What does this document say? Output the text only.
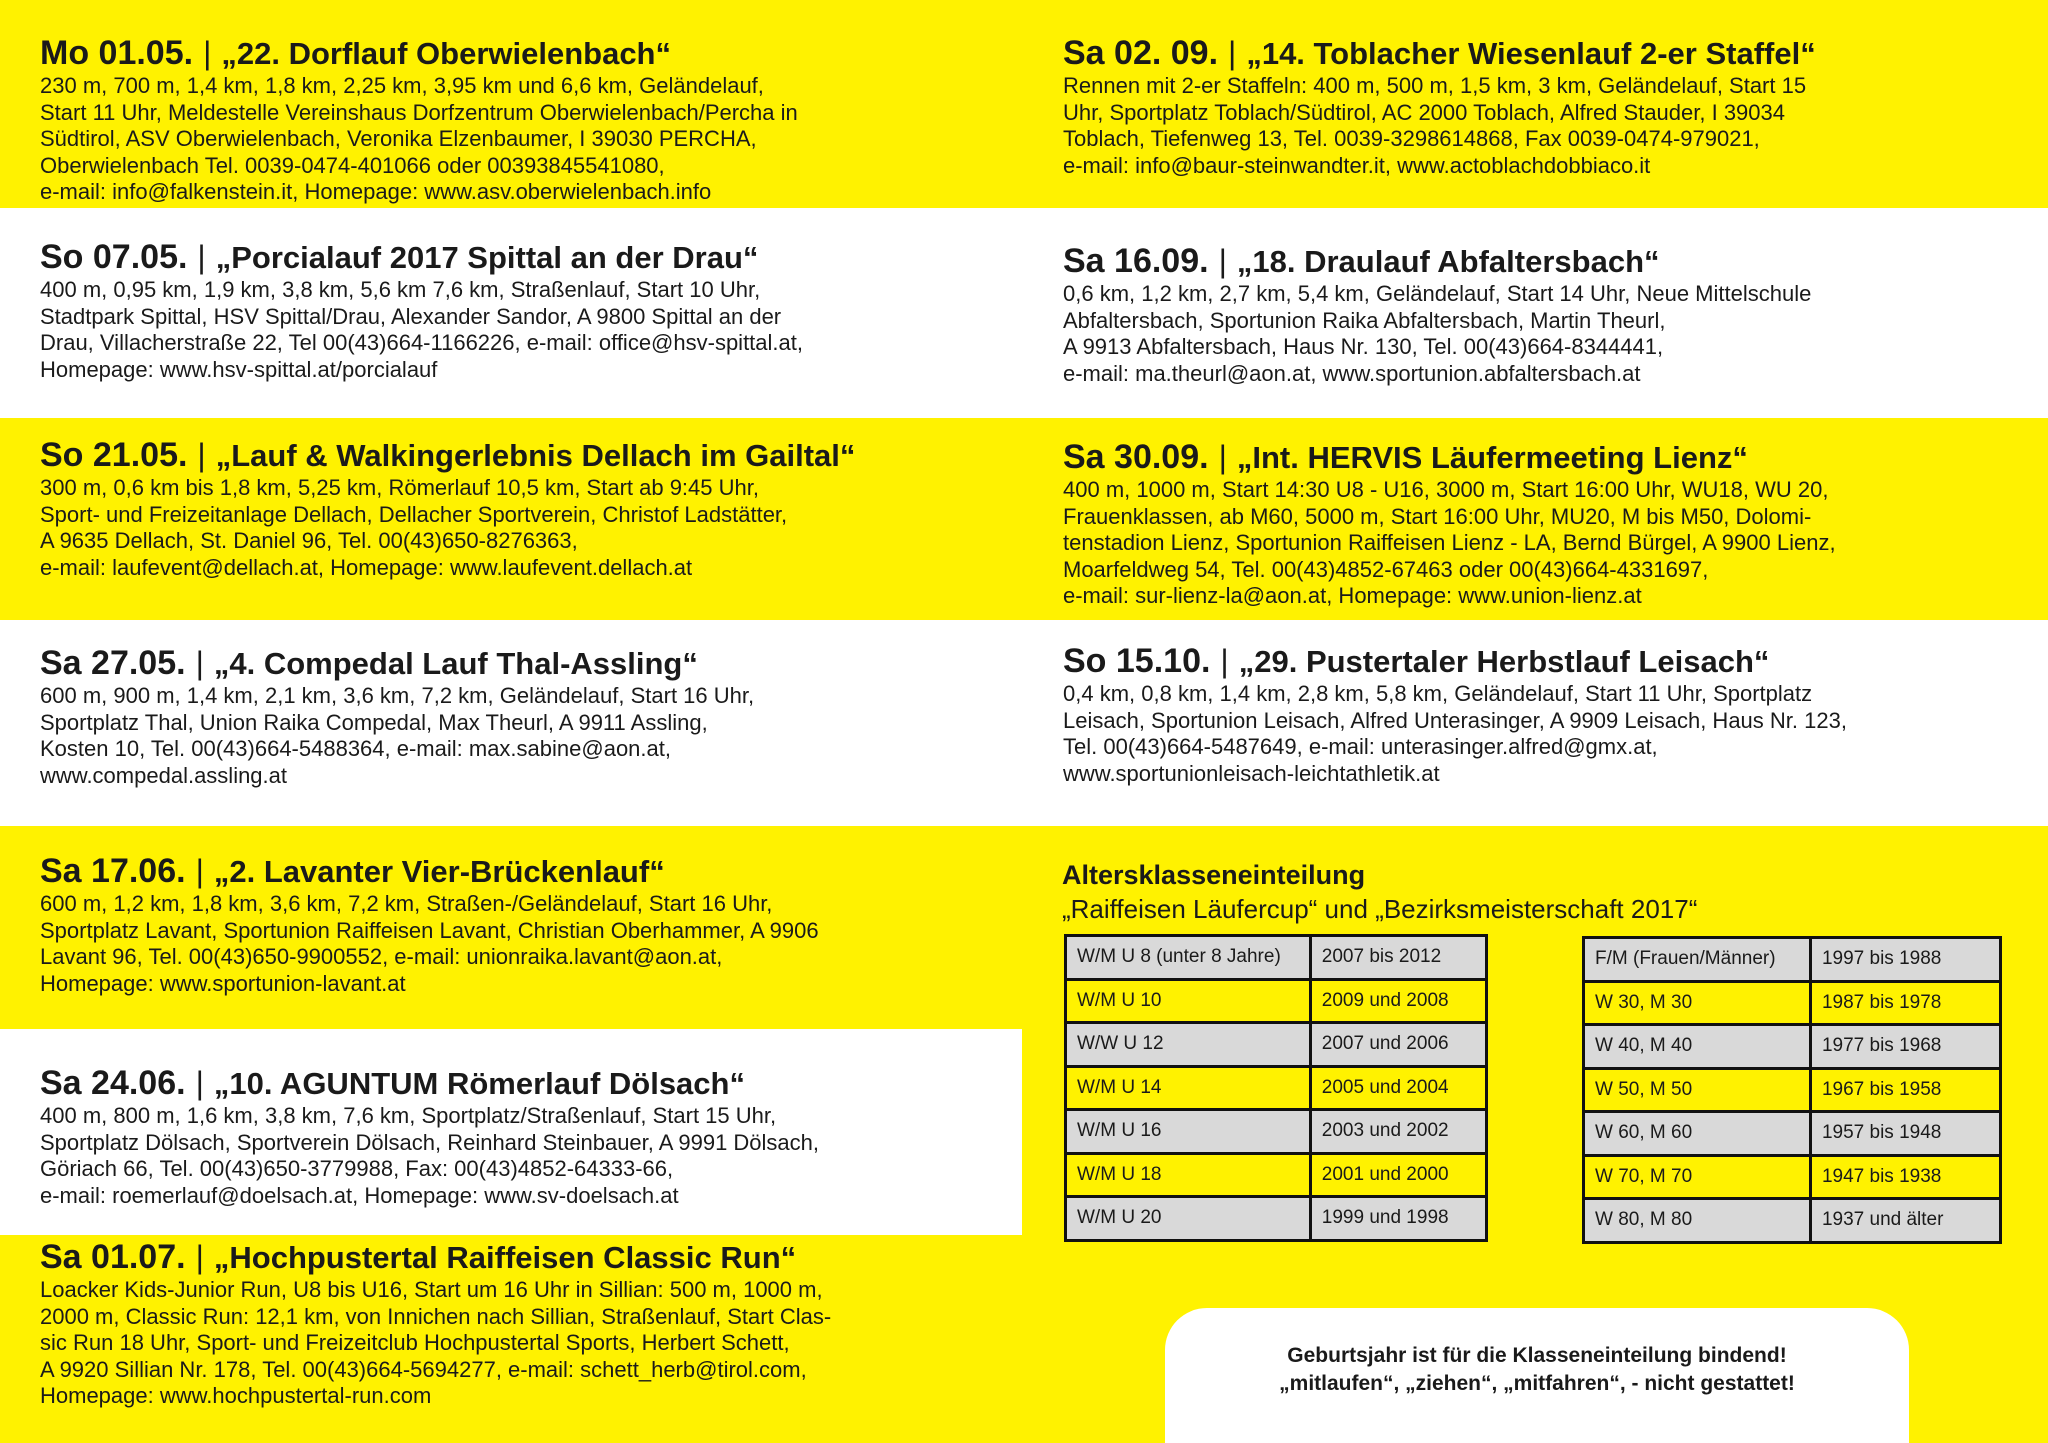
Mo 01.05. | „22. Dorflauf Oberwielenbach“
230 m, 700 m, 1,4 km, 1,8 km, 2,25 km, 3,95 km und 6,6 km, Geländelauf,
Start 11 Uhr, Meldestelle Vereinshaus Dorfzentrum Oberwielenbach/Percha in
Südtirol, ASV Oberwielenbach, Veronika Elzenbaumer, I 39030 PERCHA,
Oberwielenbach Tel. 0039-0474-401066 oder 00393845541080,
e-mail: info@falkenstein.it, Homepage: www.asv.oberwielenbach.info
So 07.05. | „Porcialauf 2017 Spittal an der Drau“
400 m, 0,95 km, 1,9 km, 3,8 km, 5,6 km 7,6 km, Straßenlauf, Start 10 Uhr,
Stadtpark Spittal, HSV Spittal/Drau, Alexander Sandor, A 9800 Spittal an der
Drau, Villacherstraße 22, Tel 00(43)664-1166226, e-mail: office@hsv-spittal.at,
Homepage: www.hsv-spittal.at/porcialauf
So 21.05. | „Lauf & Walkingerlebnis Dellach im Gailtal“
300 m, 0,6 km bis 1,8 km, 5,25 km, Römerlauf 10,5 km, Start ab 9:45 Uhr,
Sport- und Freizeitanlage Dellach, Dellacher Sportverein, Christof Ladstätter,
A 9635 Dellach, St. Daniel 96, Tel. 00(43)650-8276363,
e-mail: laufevent@dellach.at, Homepage: www.laufevent.dellach.at
Sa 27.05. | „4. Compedal Lauf Thal-Assling“
600 m, 900 m, 1,4 km, 2,1 km, 3,6 km, 7,2 km, Geländelauf, Start 16 Uhr,
Sportplatz Thal, Union Raika Compedal, Max Theurl, A 9911 Assling,
Kosten 10, Tel. 00(43)664-5488364, e-mail: max.sabine@aon.at,
www.compedal.assling.at
Sa 17.06. | „2. Lavanter Vier-Brückenlauf“
600 m, 1,2 km, 1,8 km, 3,6 km, 7,2 km, Straßen-/Geländelauf, Start 16 Uhr,
Sportplatz Lavant, Sportunion Raiffeisen Lavant, Christian Oberhammer, A 9906
Lavant 96, Tel. 00(43)650-9900552, e-mail: unionraika.lavant@aon.at,
Homepage: www.sportunion-lavant.at
Sa 24.06. | „10. AGUNTUM Römerlauf Dölsach“
400 m, 800 m, 1,6 km, 3,8 km, 7,6 km, Sportplatz/Straßenlauf, Start 15 Uhr,
Sportplatz Dölsach, Sportverein Dölsach, Reinhard Steinbauer, A 9991 Dölsach,
Göriach 66, Tel. 00(43)650-3779988, Fax: 00(43)4852-64333-66,
e-mail: roemerlauf@doelsach.at, Homepage: www.sv-doelsach.at
Sa 01.07. | „Hochpustertal Raiffeisen Classic Run“
Loacker Kids-Junior Run, U8 bis U16, Start um 16 Uhr in Sillian: 500 m, 1000 m,
2000 m, Classic Run: 12,1 km, von Innichen nach Sillian, Straßenlauf, Start Clas-
sic Run 18 Uhr, Sport- und Freizeitclub Hochpustertal Sports, Herbert Schett,
A 9920 Sillian Nr. 178, Tel. 00(43)664-5694277, e-mail: schett_herb@tirol.com,
Homepage: www.hochpustertal-run.com
Sa 02. 09. | „14. Toblacher Wiesenlauf 2-er Staffel“
Rennen mit 2-er Staffeln: 400 m, 500 m, 1,5 km, 3 km, Geländelauf, Start 15
Uhr, Sportplatz Toblach/Südtirol, AC 2000 Toblach, Alfred Stauder, I 39034
Toblach, Tiefenweg 13, Tel. 0039-3298614868, Fax 0039-0474-979021,
e-mail: info@baur-steinwandter.it, www.actoblachdobbiaco.it
Sa 16.09. | „18. Draulauf Abfaltersbach“
0,6 km, 1,2 km, 2,7 km, 5,4 km, Geländelauf, Start 14 Uhr, Neue Mittelschule
Abfaltersbach, Sportunion Raika Abfaltersbach, Martin Theurl,
A 9913 Abfaltersbach, Haus Nr. 130, Tel. 00(43)664-8344441,
e-mail: ma.theurl@aon.at, www.sportunion.abfaltersbach.at
Sa 30.09. | „Int. HERVIS Läufermeeting Lienz“
400 m, 1000 m, Start 14:30 U8 - U16, 3000 m, Start 16:00 Uhr, WU18, WU 20,
Frauenklassen, ab M60, 5000 m, Start 16:00 Uhr, MU20, M bis M50, Dolomi-
tenstadion Lienz, Sportunion Raiffeisen Lienz - LA, Bernd Bürgel, A 9900 Lienz,
Moarfeldweg 54, Tel. 00(43)4852-67463 oder 00(43)664-4331697,
e-mail: sur-lienz-la@aon.at, Homepage: www.union-lienz.at
So 15.10. | „29. Pustertaler Herbstlauf Leisach“
0,4 km, 0,8 km, 1,4 km, 2,8 km, 5,8 km, Geländelauf, Start 11 Uhr, Sportplatz
Leisach, Sportunion Leisach, Alfred Unterasinger, A 9909 Leisach, Haus Nr. 123,
Tel. 00(43)664-5487649, e-mail: unterasinger.alfred@gmx.at,
www.sportunionleisach-leichtathletik.at
Altersklasseneinteilung
„Raiffeisen Läufercup“ und „Bezirksmeisterschaft 2017“
W/M U 8 (unter 8 Jahre)	2007 bis 2012
W/M U 10	2009 und 2008
W/W U 12	2007 und 2006
W/M U 14	2005 und 2004
W/M U 16	2003 und 2002
W/M U 18	2001 und 2000
W/M U 20	1999 und 1998
F/M (Frauen/Männer)	1997 bis 1988
W 30, M 30	1987 bis 1978
W 40, M 40	1977 bis 1968
W 50, M 50	1967 bis 1958
W 60, M 60	1957 bis 1948
W 70, M 70	1947 bis 1938
W 80, M 80	1937 und älter
Geburtsjahr ist für die Klasseneinteilung bindend!
„mitlaufen“, „ziehen“, „mitfahren“, - nicht gestattet!
